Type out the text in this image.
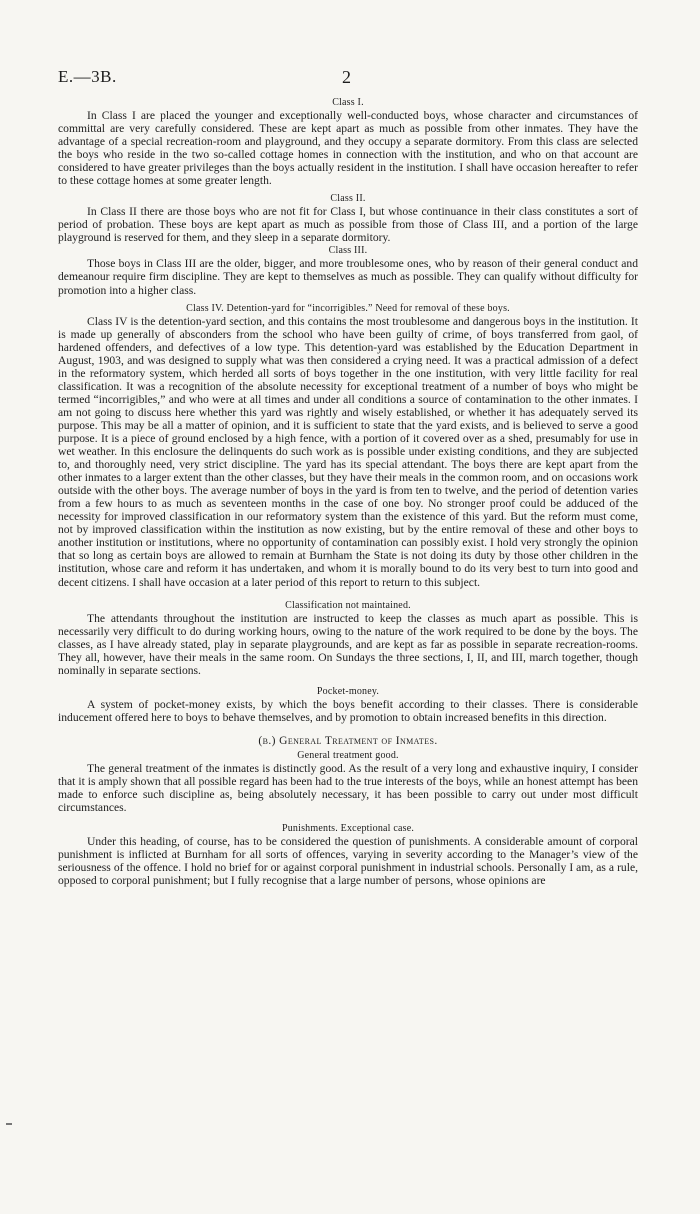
E.—3B.	2
Class I.

In Class I are placed the younger and exceptionally well-conducted boys, whose character and circumstances of committal are very carefully considered. These are kept apart as much as possible from other inmates. They have the advantage of a special recreation-room and playground, and they occupy a separate dormitory. From this class are selected the boys who reside in the two so-called cottage homes in connection with the institution, and who on that account are considered to have greater privileges than the boys actually resident in the institution. I shall have occasion hereafter to refer to these cottage homes at some greater length.

Class II.

In Class II there are those boys who are not fit for Class I, but whose continuance in their class constitutes a sort of period of probation. These boys are kept apart as much as possible from those of Class III, and a portion of the large playground is reserved for them, and they sleep in a separate dormitory.

Class III.

Those boys in Class III are the older, bigger, and more troublesome ones, who by reason of their general conduct and demeanour require firm discipline. They are kept to themselves as much as possible. They can qualify without difficulty for promotion into a higher class.

Class IV. Detention-yard for “incorrigibles.” Need for removal of these boys.

Class IV is the detention-yard section, and this contains the most troublesome and dangerous boys in the institution. It is made up generally of absconders from the school who have been guilty of crime, of boys transferred from gaol, of hardened offenders, and defectives of a low type. This detention-yard was established by the Education Department in August, 1903, and was designed to supply what was then considered a crying need. It was a practical admission of a defect in the reformatory system, which herded all sorts of boys together in the one institution, with very little facility for real classification. It was a recognition of the absolute necessity for exceptional treatment of a number of boys who might be termed “incorrigibles,” and who were at all times and under all conditions a source of contamination to the other inmates. I am not going to discuss here whether this yard was rightly and wisely established, or whether it has adequately served its purpose. This may be all a matter of opinion, and it is sufficient to state that the yard exists, and is believed to serve a good purpose. It is a piece of ground enclosed by a high fence, with a portion of it covered over as a shed, presumably for use in wet weather. In this enclosure the delinquents do such work as is possible under existing conditions, and they are subjected to, and thoroughly need, very strict discipline. The yard has its special attendant. The boys there are kept apart from the other inmates to a larger extent than the other classes, but they have their meals in the common room, and on occasions work outside with the other boys. The average number of boys in the yard is from ten to twelve, and the period of detention varies from a few hours to as much as seventeen months in the case of one boy. No stronger proof could be adduced of the necessity for improved classification in our reformatory system than the existence of this yard. But the reform must come, not by improved classification within the institution as now existing, but by the entire removal of these and other boys to another institution or institutions, where no opportunity of contamination can possibly exist. I hold very strongly the opinion that so long as certain boys are allowed to remain at Burnham the State is not doing its duty by those other children in the institution, whose care and reform it has undertaken, and whom it is morally bound to do its very best to turn into good and decent citizens. I shall have occasion at a later period of this report to return to this subject.

Classification not maintained.

The attendants throughout the institution are instructed to keep the classes as much apart as possible. This is necessarily very difficult to do during working hours, owing to the nature of the work required to be done by the boys. The classes, as I have already stated, play in separate playgrounds, and are kept as far as possible in separate recreation-rooms. They all, however, have their meals in the same room. On Sundays the three sections, I, II, and III, march together, though nominally in separate sections.

Pocket-money.

A system of pocket-money exists, by which the boys benefit according to their classes. There is considerable inducement offered here to boys to behave themselves, and by promotion to obtain increased benefits in this direction.

(b.) General Treatment of Inmates.
General treatment good.

The general treatment of the inmates is distinctly good. As the result of a very long and exhaustive inquiry, I consider that it is amply shown that all possible regard has been had to the true interests of the boys, while an honest attempt has been made to enforce such discipline as, being absolutely necessary, it has been possible to carry out under most difficult circumstances.

Punishments. Exceptional case.

Under this heading, of course, has to be considered the question of punishments. A considerable amount of corporal punishment is inflicted at Burnham for all sorts of offences, varying in severity according to the Manager’s view of the seriousness of the offence. I hold no brief for or against corporal punishment in industrial schools. Personally I am, as a rule, opposed to corporal punishment; but I fully recognise that a large number of persons, whose opinions are
